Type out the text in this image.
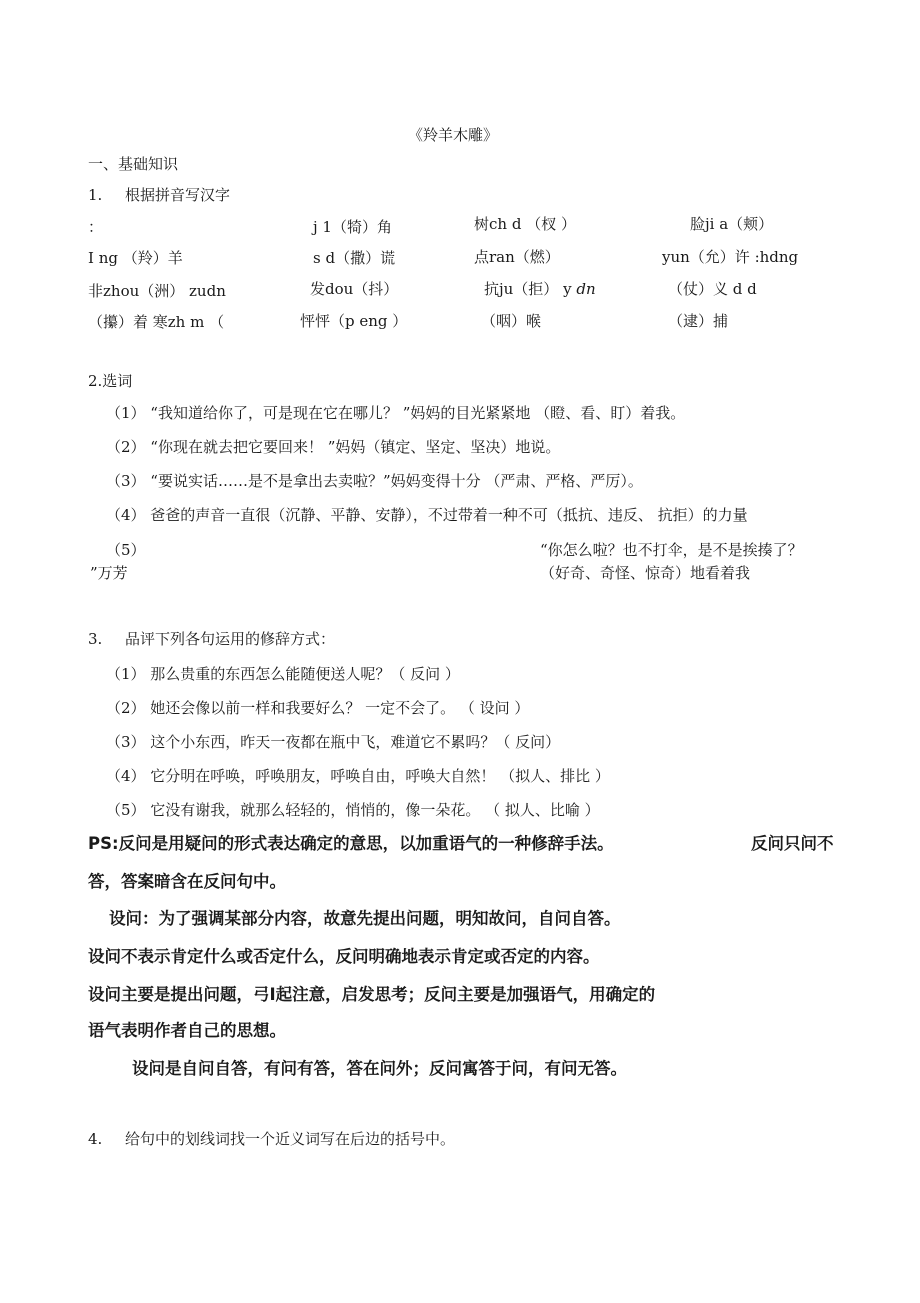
《羚羊木雕》
一、基础知识
1. 根据拼音写汉字
：	j 1（犄）角	树ch d （杈 ）	脸ji a（颊）
I ng （羚）羊	s d（撒）谎	点ran（燃）	yun（允）许 :hdng
非zhou（洲） zudn	发dou（抖）	抗ju（拒） y dn	（仗）义 d d
（攥）着 寒zh m （	怦怦（p eng ）	（咽）喉	（逮）捕
2.选词
（1） “我知道给你了，可是现在它在哪儿？ ”妈妈的目光紧紧地 （瞪、看、盯）着我。
（2） “你现在就去把它要回来！ ”妈妈（镇定、坚定、坚决）地说。
（3） “要说实话……是不是拿出去卖啦？”妈妈变得十分 （严肃、严格、严厉）。
（4） 爸爸的声音一直很（沉静、平静、安静），不过带着一种不可（抵抗、违反、 抗拒）的力量
（5）	“你怎么啦？也不打伞，是不是挨揍了？
”万芳	（好奇、奇怪、惊奇）地看着我
3. 品评下列各句运用的修辞方式：
（1） 那么贵重的东西怎么能随便送人呢？（ 反问 ）
（2） 她还会像以前一样和我要好么？ 一定不会了。 （ 设问 ）
（3） 这个小东西，昨天一夜都在瓶中飞，难道它不累吗？（ 反问）
（4） 它分明在呼唤，呼唤朋友，呼唤自由，呼唤大自然！ （拟人、排比 ）
（5） 它没有谢我，就那么轻轻的，悄悄的，像一朵花。 （ 拟人、比喻 ）
PS:反问是用疑问的形式表达确定的意思，以加重语气的一种修辞手法。	反问只问不
答，答案暗含在反问句中。
设问：为了强调某部分内容，故意先提出问题，明知故问，自问自答。
设问不表示肯定什么或否定什么，反问明确地表示肯定或否定的内容。
设问主要是提出问题，弓I起注意，启发思考；反问主要是加强语气，用确定的
语气表明作者自己的思想。
设问是自问自答，有问有答，答在问外；反问寓答于问，有问无答。
4. 给句中的划线词找一个近义词写在后边的括号中。
